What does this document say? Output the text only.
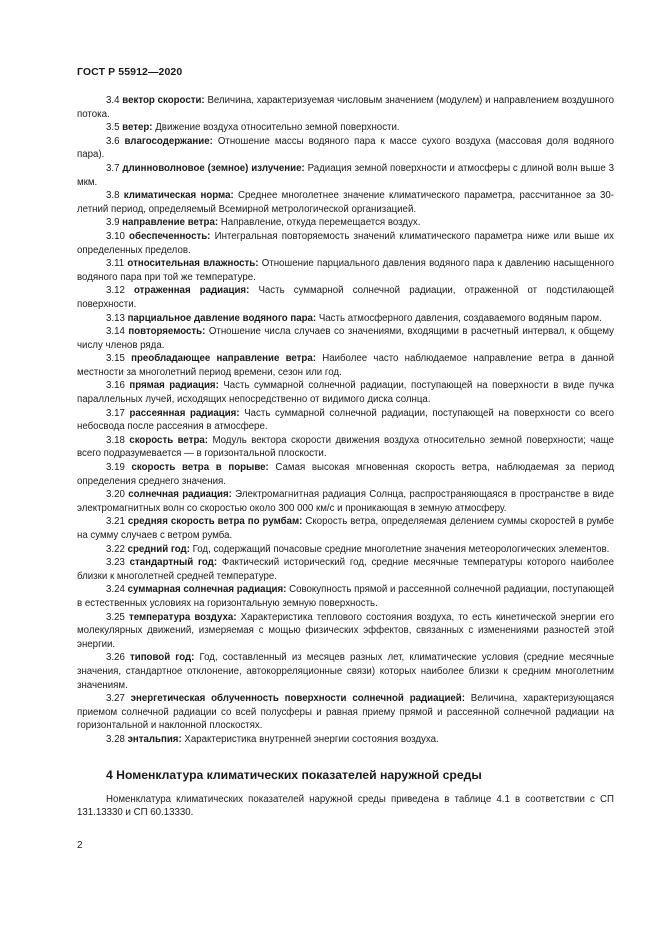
ГОСТ Р 55912—2020

3.4 вектор скорости: Величина, характеризуемая числовым значением (модулем) и направлением воздушного потока.

3.5 ветер: Движение воздуха относительно земной поверхности.

3.6 влагосодержание: Отношение массы водяного пара к массе сухого воздуха (массовая доля водяного пара).

3.7 длинноволновое (земное) излучение: Радиация земной поверхности и атмосферы с длиной волн выше 3 мкм.

3.8 климатическая норма: Среднее многолетнее значение климатического параметра, рассчитанное за 30-летний период, определяемый Всемирной метрологической организацией.

3.9 направление ветра: Направление, откуда перемещается воздух.

3.10 обеспеченность: Интегральная повторяемость значений климатического параметра ниже или выше их определенных пределов.

3.11 относительная влажность: Отношение парциального давления водяного пара к давлению насыщенного водяного пара при той же температуре.

3.12 отраженная радиация: Часть суммарной солнечной радиации, отраженной от подстилающей поверхности.

3.13 парциальное давление водяного пара: Часть атмосферного давления, создаваемого водяным паром.

3.14 повторяемость: Отношение числа случаев со значениями, входящими в расчетный интервал, к общему числу членов ряда.

3.15 преобладающее направление ветра: Наиболее часто наблюдаемое направление ветра в данной местности за многолетний период времени, сезон или год.

3.16 прямая радиация: Часть суммарной солнечной радиации, поступающей на поверхности в виде пучка параллельных лучей, исходящих непосредственно от видимого диска солнца.

3.17 рассеянная радиация: Часть суммарной солнечной радиации, поступающей на поверхности со всего небосвода после рассеяния в атмосфере.

3.18 скорость ветра: Модуль вектора скорости движения воздуха относительно земной поверхности; чаще всего подразумевается — в горизонтальной плоскости.

3.19 скорость ветра в порыве: Самая высокая мгновенная скорость ветра, наблюдаемая за период определения среднего значения.

3.20 солнечная радиация: Электромагнитная радиация Солнца, распространяющаяся в пространстве в виде электромагнитных волн со скоростью около 300 000 км/с и проникающая в земную атмосферу.

3.21 средняя скорость ветра по румбам: Скорость ветра, определяемая делением суммы скоростей в румбе на сумму случаев с ветром румба.

3.22 средний год: Год, содержащий почасовые средние многолетние значения метеорологических элементов.

3.23 стандартный год: Фактический исторический год, средние месячные температуры которого наиболее близки к многолетней средней температуре.

3.24 суммарная солнечная радиация: Совокупность прямой и рассеянной солнечной радиации, поступающей в естественных условиях на горизонтальную земную поверхность.

3.25 температура воздуха: Характеристика теплового состояния воздуха, то есть кинетической энергии его молекулярных движений, измеряемая с мощью физических эффектов, связанных с изменениями разностей этой энергии.

3.26 типовой год: Год, составленный из месяцев разных лет, климатические условия (средние месячные значения, стандартное отклонение, автокорреляционные связи) которых наиболее близки к средним многолетним значениям.

3.27 энергетическая облученность поверхности солнечной радиацией: Величина, характеризующаяся приемом солнечной радиации со всей полусферы и равная приему прямой и рассеянной солнечной радиации на горизонтальной и наклонной плоскостях.

3.28 энтальпия: Характеристика внутренней энергии состояния воздуха.

4 Номенклатура климатических показателей наружной среды

Номенклатура климатических показателей наружной среды приведена в таблице 4.1 в соответствии с СП 131.13330 и СП 60.13330.

2
